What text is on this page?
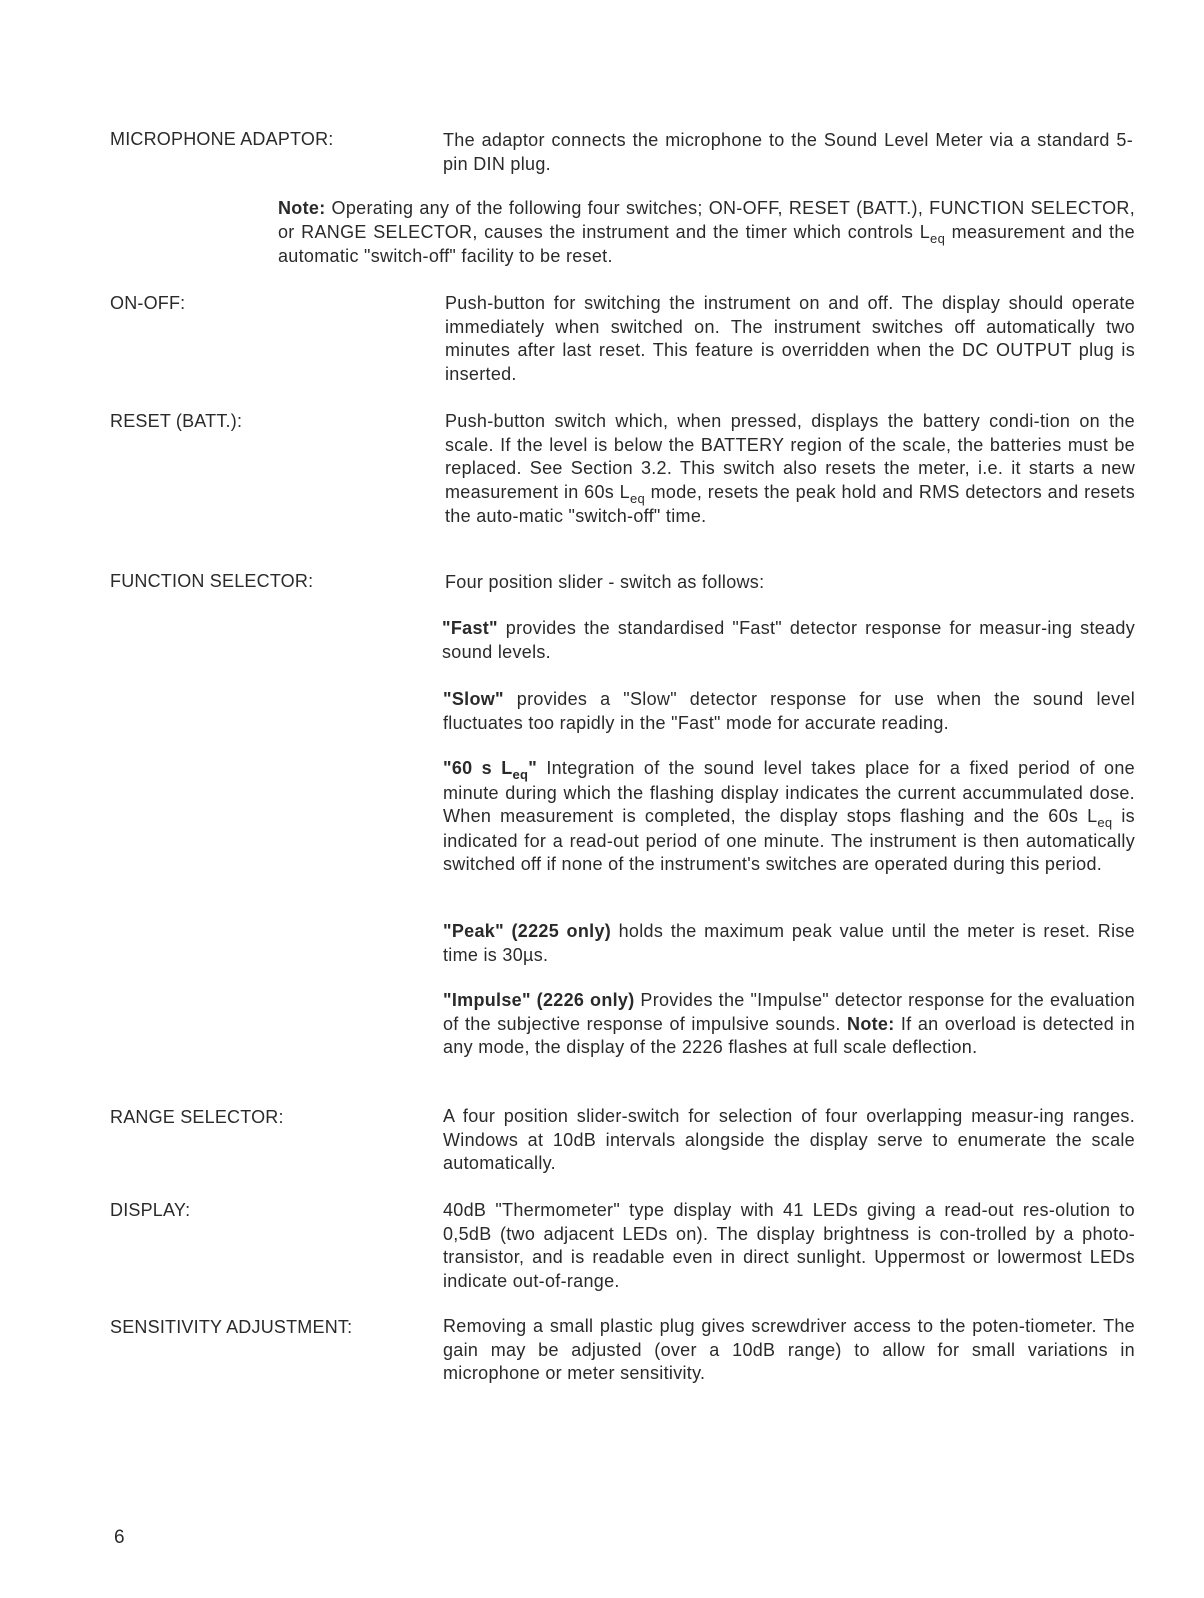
MICROPHONE ADAPTOR:	The adaptor connects the microphone to the Sound Level Meter via a standard 5-pin DIN plug.
Note: Operating any of the following four switches; ON-OFF, RESET (BATT.), FUNCTION SELECTOR, or RANGE SELECTOR, causes the instrument and the timer which controls $L_{eq}$ measurement and the automatic "switch-off" facility to be reset.
ON-OFF:	Push-button for switching the instrument on and off. The display should operate immediately when switched on. The instrument switches off automatically two minutes after last reset. This feature is overridden when the DC OUTPUT plug is inserted.
RESET (BATT.):	Push-button switch which, when pressed, displays the battery condi-tion on the scale. If the level is below the BATTERY region of the scale, the batteries must be replaced. See Section 3.2. This switch also resets the meter, i.e. it starts a new measurement in 60s $L_{eq}$ mode, resets the peak hold and RMS detectors and resets the auto-matic "switch-off" time.
FUNCTION SELECTOR:	Four position slider - switch as follows:
"Fast" provides the standardised "Fast" detector response for measur-ing steady sound levels.
"Slow" provides a "Slow" detector response for use when the sound level fluctuates too rapidly in the "Fast" mode for accurate reading.
"60 s $L_{eq}$" Integration of the sound level takes place for a fixed period of one minute during which the flashing display indicates the current accummulated dose. When measurement is completed, the display stops flashing and the 60s $L_{eq}$ is indicated for a read-out period of one minute. The instrument is then automatically switched off if none of the instrument's switches are operated during this period.
"Peak" (2225 only) holds the maximum peak value until the meter is reset. Rise time is 30µs.
"Impulse" (2226 only) Provides the "Impulse" detector response for the evaluation of the subjective response of impulsive sounds. Note: If an overload is detected in any mode, the display of the 2226 flashes at full scale deflection.
RANGE SELECTOR:	A four position slider-switch for selection of four overlapping measur-ing ranges. Windows at 10dB intervals alongside the display serve to enumerate the scale automatically.
DISPLAY:	40dB "Thermometer" type display with 41 LEDs giving a read-out res-olution to 0,5dB (two adjacent LEDs on). The display brightness is con-trolled by a photo-transistor, and is readable even in direct sunlight. Uppermost or lowermost LEDs indicate out-of-range.
SENSITIVITY ADJUSTMENT:	Removing a small plastic plug gives screwdriver access to the poten-tiometer. The gain may be adjusted (over a 10dB range) to allow for small variations in microphone or meter sensitivity.
6
